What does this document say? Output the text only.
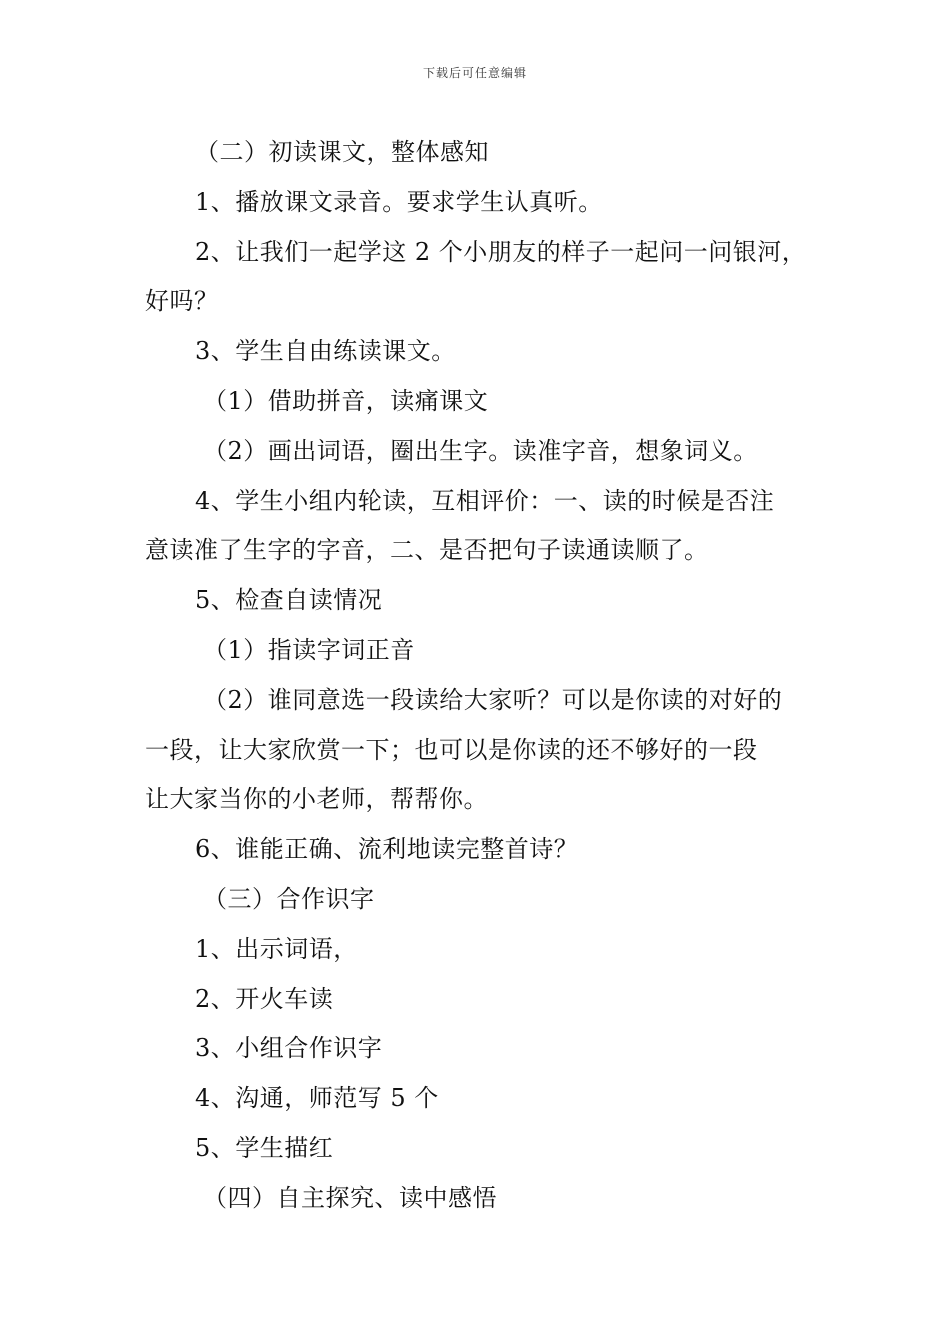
下载后可任意编辑
（二）初读课文，整体感知
1、播放课文录音。要求学生认真听。
2、让我们一起学这 2 个小朋友的样子一起问一问银河，
好吗？
3、学生自由练读课文。
（1）借助拼音，读痛课文
（2）画出词语，圈出生字。读准字音，想象词义。
4、学生小组内轮读，互相评价：一、读的时候是否注
意读准了生字的字音，二、是否把句子读通读顺了。
5、检查自读情况
（1）指读字词正音
（2）谁同意选一段读给大家听？可以是你读的对好的
一段，让大家欣赏一下；也可以是你读的还不够好的一段
让大家当你的小老师，帮帮你。
6、谁能正确、流利地读完整首诗？
（三）合作识字
1、出示词语，
2、开火车读
3、小组合作识字
4、沟通，师范写 5 个
5、学生描红
（四）自主探究、读中感悟
